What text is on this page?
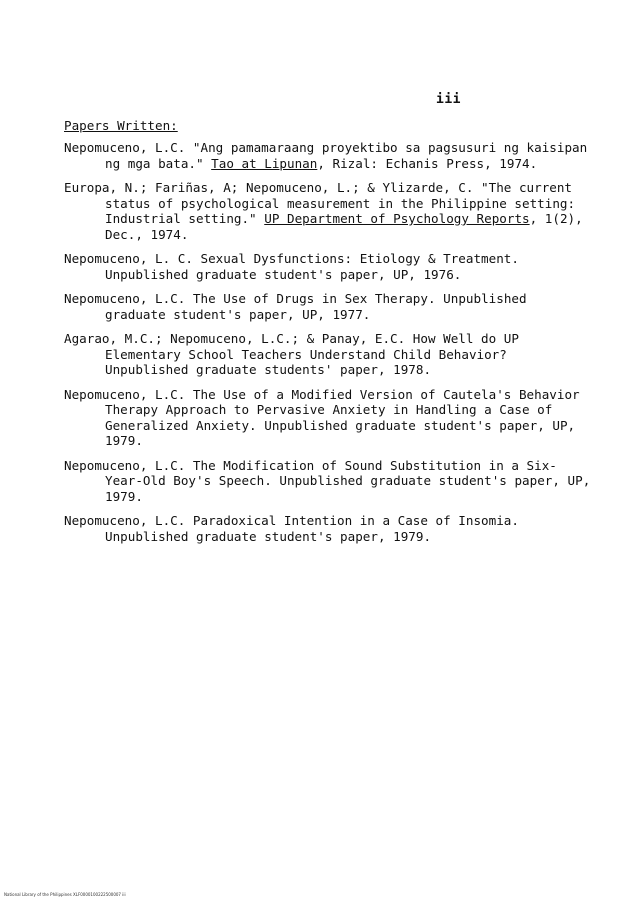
iii
Papers Written:
Nepomuceno, L.C. "Ang pamamaraang proyektibo sa pagsusuri ng kaisipan ng mga bata." Tao at Lipunan, Rizal: Echanis Press, 1974.
Europa, N.; Fariñas, A; Nepomuceno, L.; & Ylizarde, C. "The current status of psychological measurement in the Philippine setting: Industrial setting." UP Department of Psychology Reports, 1(2), Dec., 1974.
Nepomuceno, L. C. Sexual Dysfunctions: Etiology & Treatment. Unpublished graduate student's paper, UP, 1976.
Nepomuceno, L.C. The Use of Drugs in Sex Therapy. Unpublished graduate student's paper, UP, 1977.
Agarao, M.C.; Nepomuceno, L.C.; & Panay, E.C. How Well do UP Elementary School Teachers Understand Child Behavior? Unpublished graduate students' paper, 1978.
Nepomuceno, L.C. The Use of a Modified Version of Cautela's Behavior Therapy Approach to Pervasive Anxiety in Handling a Case of Generalized Anxiety. Unpublished graduate student's paper, UP, 1979.
Nepomuceno, L.C. The Modification of Sound Substitution in a Six-Year-Old Boy's Speech. Unpublished graduate student's paper, UP, 1979.
Nepomuceno, L.C. Paradoxical Intention in a Case of Insomia. Unpublished graduate student's paper, 1979.
National Library of the Philippines XLF0000100222500007 iii
